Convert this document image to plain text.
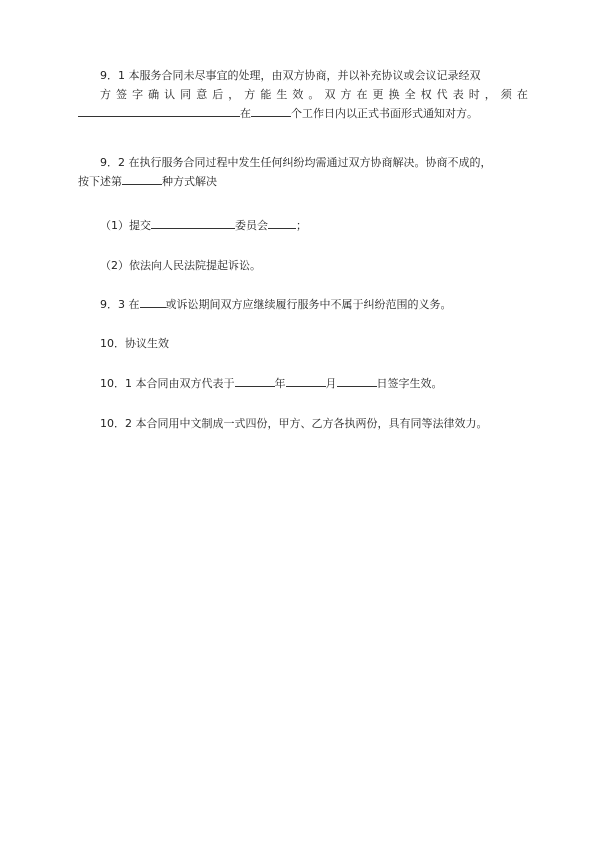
9．1 本服务合同未尽事宜的处理，由双方协商，并以补充协议或会议记录经双
方 签 字 确 认 同 意 后 ， 方 能 生 效 。 双 方 在 更 换 全 权 代 表 时 ， 须 在
在	个工作日内以正式书面形式通知对方。
9．2 在执行服务合同过程中发生任何纠纷均需通过双方协商解决。协商不成的，
按下述第	种方式解决
（1）提交	委员会	；
（2）依法向人民法院提起诉讼。
9．3 在 或诉讼期间双方应继续履行服务中不属于纠纷范围的义务。
10．协议生效
10．1 本合同由双方代表于	年	月	日签字生效。
10．2 本合同用中文制成一式四份，甲方、乙方各执两份，具有同等法律效力。
